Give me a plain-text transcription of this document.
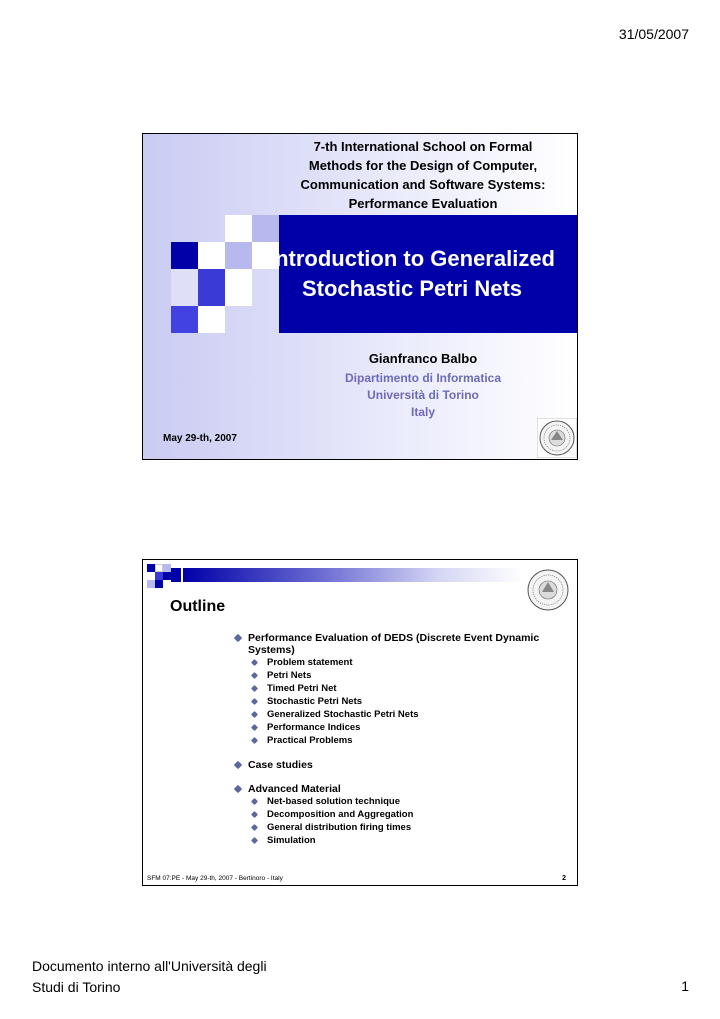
31/05/2007
7-th International School on Formal
Methods for the Design of Computer,
Communication and Software Systems:
Performance Evaluation
Introduction to Generalized
Stochastic Petri Nets
Gianfranco Balbo
Dipartimento di Informatica
Università di Torino
Italy
May 29-th, 2007
Outline
Performance Evaluation of DEDS (Discrete Event Dynamic Systems)
Problem statement
Petri Nets
Timed Petri Net
Stochastic Petri Nets
Generalized Stochastic Petri Nets
Performance Indices
Practical Problems
Case studies
Advanced Material
Net-based solution technique
Decomposition and Aggregation
General distribution firing times
Simulation
SFM 07:PE - May 29-th, 2007 - Bertinoro - Italy	2
Documento interno all'Università degli
Studi di Torino	1
